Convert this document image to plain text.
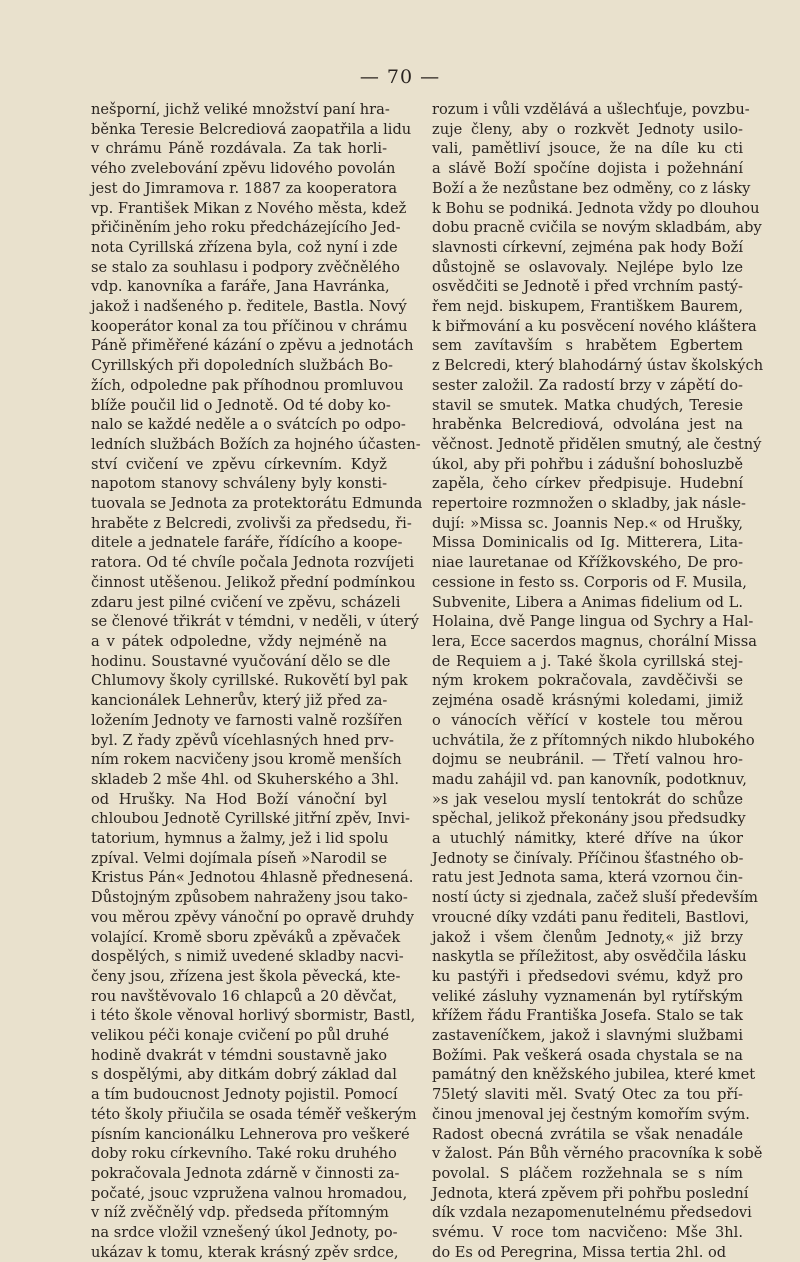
— 70 —
nešporní, jichž veliké množství paní hra-
běnka Teresie Belcrediová zaopatřila a lidu
v chrámu Páně rozdávala. Za tak horli-
vého zvelebování zpěvu lidového povolán
jest do Jimramova r. 1887 za kooperatora
vp. František Mikan z Nového města, kdež
přičiněním jeho roku předcházejícího Jed-
nota Cyrillská zřízena byla, což nyní i zde
se stalo za souhlasu i podpory zvěčnělého
vdp. kanovníka a faráře, Jana Havránka,
jakož i nadšeného p. ředitele, Bastla. Nový
kooperátor konal za tou příčinou v chrámu
Páně přiměřené kázání o zpěvu a jednotách
Cyrillských při dopoledních službách Bo-
žích, odpoledne pak příhodnou promluvou
blíže poučil lid o Jednotě. Od té doby ko-
nalo se každé neděle a o svátcích po odpo-
ledních službách Božích za hojného účasten-
ství cvičení ve zpěvu církevním. Když
napotom stanovy schváleny byly konsti-
tuovala se Jednota za protektorátu Edmunda
hraběte z Belcredi, zvolivši za předsedu, ři-
ditele a jednatele faráře, řídícího a koope-
ratora. Od té chvíle počala Jednota rozvíjeti
činnost utěšenou. Jelikož přední podmínkou
zdaru jest pilné cvičení ve zpěvu, scházeli
se členové třikrát v témdni, v neděli, v úterý
a v pátek odpoledne, vždy nejméně na
hodinu. Soustavné vyučování dělo se dle
Chlumovy školy cyrillské. Rukovětí byl pak
kancionálek Lehnerův, který již před za-
ložením Jednoty ve farnosti valně rozšířen
byl. Z řady zpěvů vícehlasných hned prv-
ním rokem nacvičeny jsou kromě menších
skladeb 2 mše 4hl. od Skuherského a 3hl.
od Hrušky. Na Hod Boží vánoční byl
chloubou Jednotě Cyrillské jitřní zpěv, Invi-
tatorium, hymnus a žalmy, jež i lid spolu
zpíval. Velmi dojímala píseň »Narodil se
Kristus Pán« Jednotou 4hlasně přednesená.
Důstojným způsobem nahraženy jsou tako-
vou měrou zpěvy vánoční po opravě druhdy
volající. Kromě sboru zpěváků a zpěvaček
dospělých, s nimiž uvedené skladby nacvi-
čeny jsou, zřízena jest škola pěvecká, kte-
rou navštěvovalo 16 chlapců a 20 děvčat,
i této škole věnoval horlivý sbormistr, Bastl,
velikou péči konaje cvičení po půl druhé
hodině dvakrát v témdni soustavně jako
s dospělými, aby ditkám dobrý základ dal
a tím budoucnost Jednoty pojistil. Pomocí
této školy přiučila se osada téměř veškerým
písním kancionálku Lehnerova pro veškeré
doby roku církevního. Také roku druhého
pokračovala Jednota zdárně v činnosti za-
počaté, jsouc vzpružena valnou hromadou,
v níž zvěčnělý vdp. předseda přítomným
na srdce vložil vznešený úkol Jednoty, po-
ukázav k tomu, kterak krásný zpěv srdce,
rozum i vůli vzdělává a ušlechťuje, povzbu-
zuje členy, aby o rozkvět Jednoty usilo-
vali, pamětliví jsouce, že na díle ku cti
a slávě Boží spočíne dojista i požehnání
Boží a že nezůstane bez odměny, co z lásky
k Bohu se podniká. Jednota vždy po dlouhou
dobu pracně cvičila se novým skladbám, aby
slavnosti církevní, zejména pak hody Boží
důstojně se oslavovaly. Nejlépe bylo lze
osvědčiti se Jednotě i před vrchním pastý-
řem nejd. biskupem, Františkem Baurem,
k biřmování a ku posvěcení nového kláštera
sem zavítavším s hrabětem Egbertem
z Belcredi, který blahodárný ústav školských
sester založil. Za radostí brzy v zápětí do-
stavil se smutek. Matka chudých, Teresie
hraběnka Belcrediová, odvolána jest na
věčnost. Jednotě přidělen smutný, ale čestný
úkol, aby při pohřbu i zádušní bohosluzbě
zapěla, čeho církev předpisuje. Hudební
repertoire rozmnožen o skladby, jak násle-
dují: »Missa sc. Joannis Nep.« od Hrušky,
Missa Dominicalis od Ig. Mitterera, Lita-
niae lauretanae od Křížkovského, De pro-
cessione in festo ss. Corporis od F. Musila,
Subvenite, Libera a Animas fidelium od L.
Holaina, dvě Pange lingua od Sychry a Hal-
lera, Ecce sacerdos magnus, chorální Missa
de Requiem a j. Také škola cyrillská stej-
ným krokem pokračovala, zavděčivši se
zejména osadě krásnými koledami, jimiž
o vánocích věřící v kostele tou měrou
uchvátila, že z přítomných nikdo hlubokého
dojmu se neubránil. — Třetí valnou hro-
madu zahájil vd. pan kanovník, podotknuv,
»s jak veselou myslí tentokrát do schůze
spěchal, jelikož překonány jsou předsudky
a utuchlý námitky, které dříve na úkor
Jednoty se činívaly. Příčinou šťastného ob-
ratu jest Jednota sama, která vzornou čin-
ností úcty si zjednala, začež sluší především
vroucné díky vzdáti panu řediteli, Bastlovi,
jakož i všem členům Jednoty,« již brzy
naskytla se příležitost, aby osvědčila lásku
ku pastýři i předsedovi svému, když pro
veliké zásluhy vyznamenán byl rytířským
křížem řádu Františka Josefa. Stalo se tak
zastaveníčkem, jakož i slavnými službami
Božími. Pak veškerá osada chystala se na
památný den kněžského jubilea, které kmet
75letý slaviti měl. Svatý Otec za tou pří-
činou jmenoval jej čestným komořím svým.
Radost obecná zvrátila se však nenadále
v žalost. Pán Bůh věrného pracovníka k sobě
povolal. S pláčem rozžehnala se s ním
Jednota, která zpěvem při pohřbu poslední
dík vzdala nezapomenutelnému předsedovi
svému. V roce tom nacvičeno: Mše 3hl.
do Es od Peregrina, Missa tertia 2hl. od
